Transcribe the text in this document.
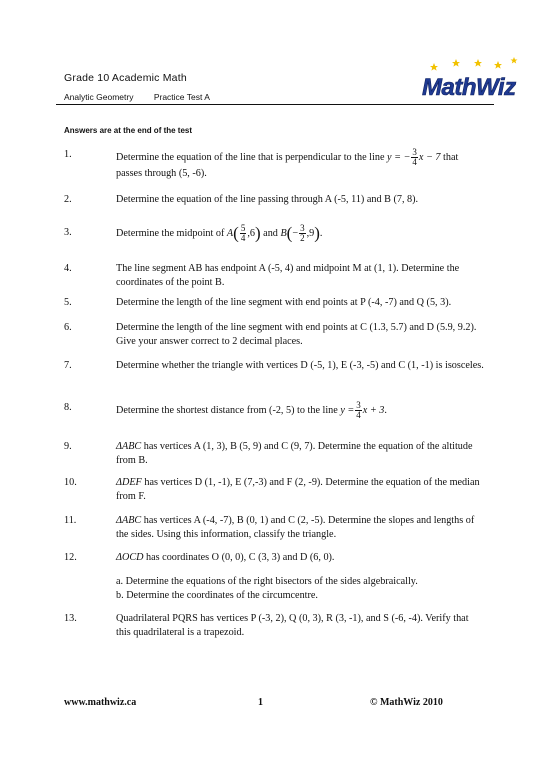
Grade 10 Academic Math
Analytic Geometry Practice Test A	MathWiz
Answers are at the end of the test
1.	Determine the equation of the line that is perpendicular to the line y = − $\frac{3}{4}$ x − 7 that passes through (5, -6).
2.	Determine the equation of the line passing through A (-5, 11) and B (7, 8).
3.	Determine the midpoint of $A( \frac{5}{4} ,6)$ and $B(- \frac{3}{2} ,9)$.
4.	The line segment AB has endpoint A (-5, 4) and midpoint M at (1, 1). Determine the coordinates of the point B.
5.	Determine the length of the line segment with end points at P (-4, -7) and Q (5, 3).
6.	Determine the length of the line segment with end points at C (1.3, 5.7) and D (5.9, 9.2). Give your answer correct to 2 decimal places.
7.	Determine whether the triangle with vertices D (-5, 1), E (-3, -5) and C (1, -1) is isosceles.
8.	Determine the shortest distance from (-2, 5) to the line $y = \frac{3}{4}$ x + 3.
9.	ΔABC has vertices A (1, 3), B (5, 9) and C (9, 7). Determine the equation of the altitude from B.
10.	ΔDEF has vertices D (1, -1), E (7,-3) and F (2, -9). Determine the equation of the median from F.
11.	ΔABC has vertices A (-4, -7), B (0, 1) and C (2, -5). Determine the slopes and lengths of the sides. Using this information, classify the triangle.
12.	ΔOCD has coordinates O (0, 0), C (3, 3) and D (6, 0).
a. Determine the equations of the right bisectors of the sides algebraically.
b. Determine the coordinates of the circumcentre.
13.	Quadrilateral PQRS has vertices P (-3, 2), Q (0, 3), R (3, -1), and S (-6, -4). Verify that this quadrilateral is a trapezoid.
www.mathwiz.ca	1	© MathWiz 2010
